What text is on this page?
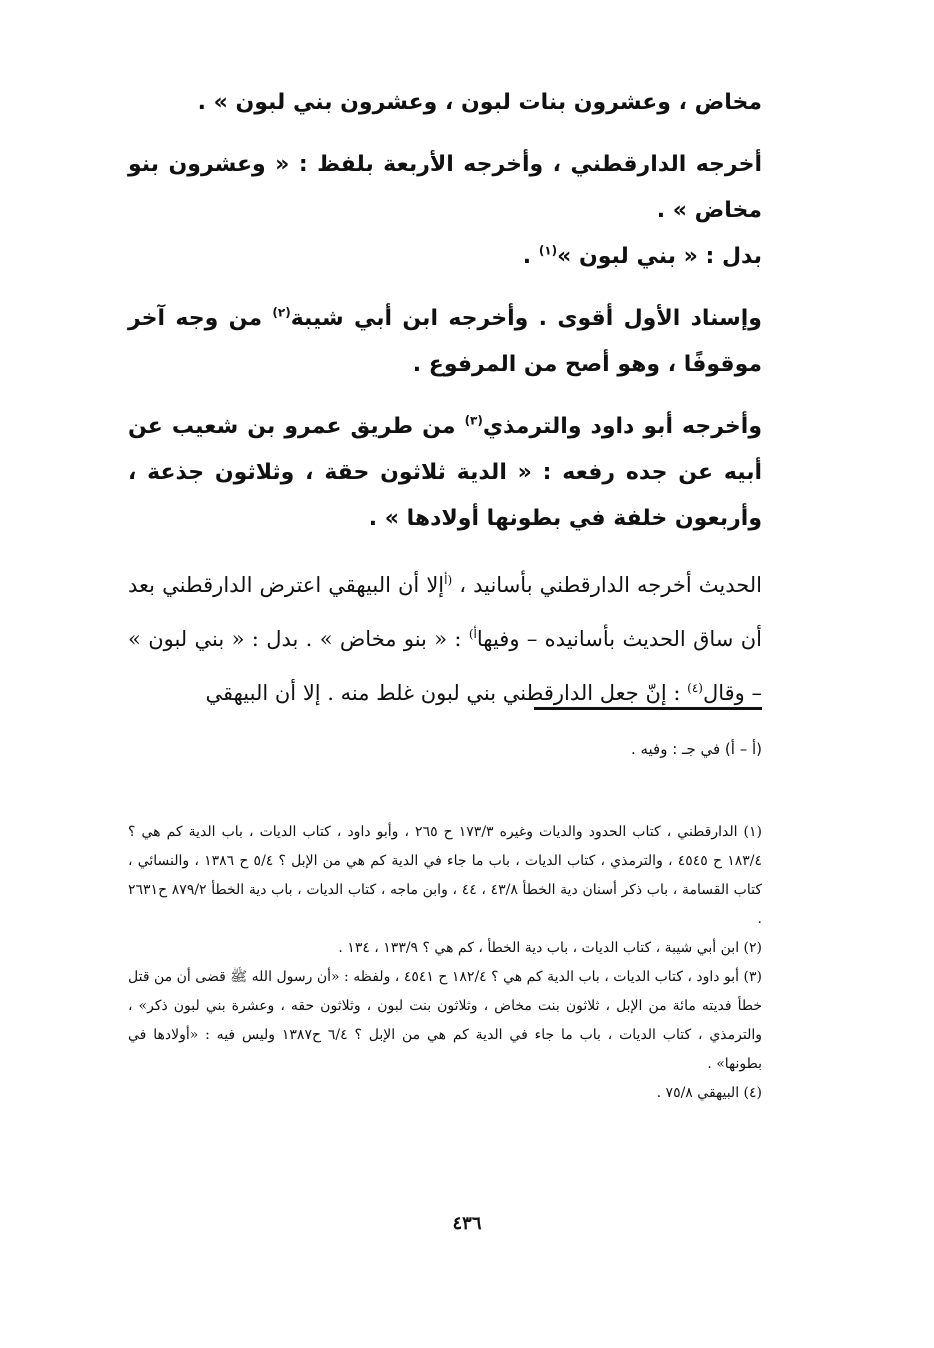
مخاض ، وعشرون بنات لبون ، وعشرون بني لبون » .

أخرجه الدارقطني ، وأخرجه الأربعة بلفظ : « وعشرون بنو مخاض » .
بدل : « بني لبون »$^{(١)}$ .

وإسناد الأول أقوى . وأخرجه ابن أبي شيبة$^{(٢)}$ من وجه آخر موقوفًا ، وهو أصح من المرفوع .

وأخرجه أبو داود والترمذي$^{(٣)}$ من طريق عمرو بن شعيب عن أبيه عن جده رفعه : « الدية ثلاثون حقة ، وثلاثون جذعة ، وأربعون خلفة في بطونها أولادها » .

الحديث أخرجه الدارقطني بأسانيد ، $^{(أ}$إلا أن البيهقي اعترض الدارقطني بعد أن ساق الحديث بأسانيده – وفيها$^{أ)}$ : « بنو مخاض » . بدل : « بني لبون » – وقال$^{(٤)}$ : إنّ جعل الدارقطني بني لبون غلط منه . إلا أن البيهقي

(أ – أ) في جـ : وفيه .

(١) الدارقطني ، كتاب الحدود والديات وغيره ١٧٣/٣ ح ٢٦٥ ، وأبو داود ، كتاب الديات ، باب الدية كم هي ؟ ١٨٣/٤ ح ٤٥٤٥ ، والترمذي ، كتاب الديات ، باب ما جاء في الدية كم هي من الإبل ؟ ٥/٤ ح ١٣٨٦ ، والنسائي ، كتاب القسامة ، باب ذكر أسنان دية الخطأ ٤٣/٨ ، ٤٤ ، وابن ماجه ، كتاب الديات ، باب دية الخطأ ٨٧٩/٢ ح٢٦٣١ .

(٢) ابن أبي شيبة ، كتاب الديات ، باب دية الخطأ ، كم هي ؟ ١٣٣/٩ ، ١٣٤ .

(٣) أبو داود ، كتاب الديات ، باب الدية كم هي ؟ ١٨٢/٤ ح ٤٥٤١ ، ولفظه : «أن رسول الله ﷺ قضى أن من قتل خطأ فديته مائة من الإبل ، ثلاثون بنت مخاض ، وثلاثون بنت لبون ، وثلاثون حقه ، وعشرة بني لبون ذكر» ، والترمذي ، كتاب الديات ، باب ما جاء في الدية كم هي من الإبل ؟ ٦/٤ ح١٣٨٧ وليس فيه : «أولادها في بطونها» .

(٤) البيهقي ٧٥/٨ .

٤٣٦
